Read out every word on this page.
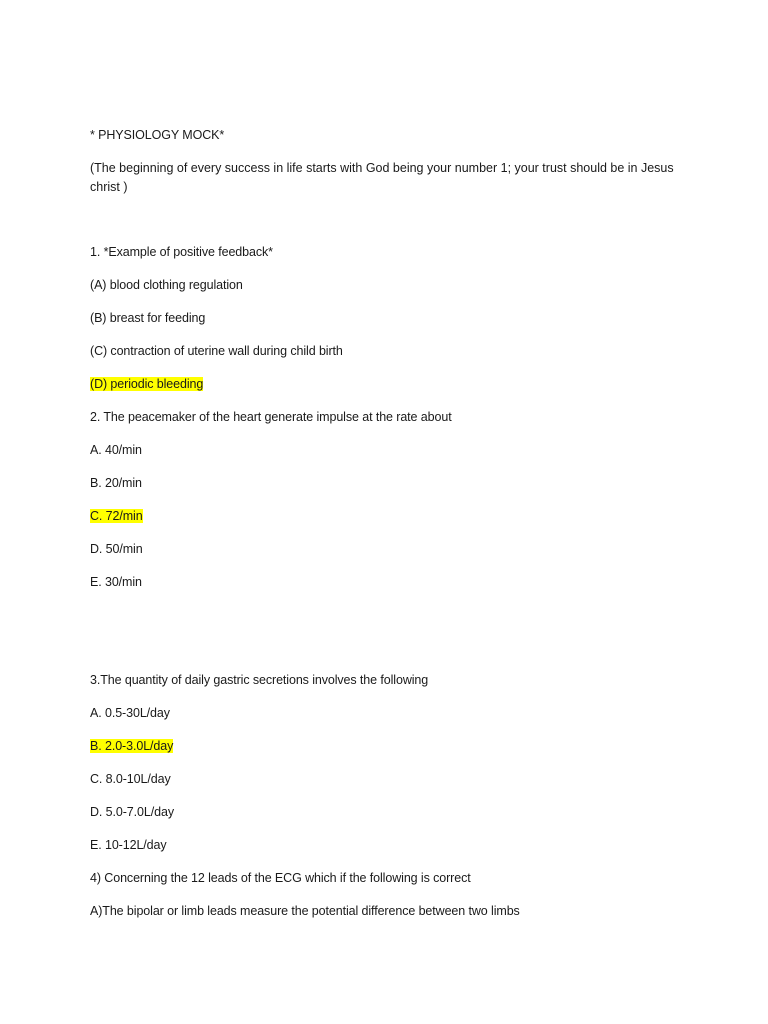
* PHYSIOLOGY MOCK*
(The beginning of every success in life starts with God being your number 1; your trust should be in Jesus christ )
1. *Example of positive feedback*
(A) blood clothing regulation
(B) breast for feeding
(C) contraction of uterine wall during child birth
(D) periodic bleeding
2. The peacemaker of the heart generate impulse at the rate about
A. 40/min
B. 20/min
C. 72/min
D. 50/min
E. 30/min
3.The quantity of daily gastric secretions involves the following
A. 0.5-30L/day
B. 2.0-3.0L/day
C. 8.0-10L/day
D. 5.0-7.0L/day
E. 10-12L/day
4) Concerning the 12 leads of the ECG which if the following is correct
A)The bipolar or limb leads measure the potential difference between two limbs
